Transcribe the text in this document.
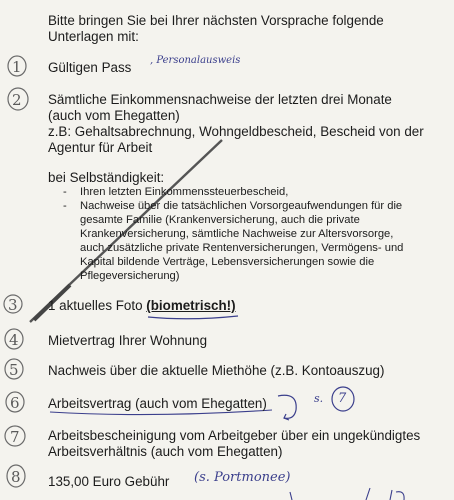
Bitte bringen Sie bei Ihrer nächsten Vorsprache folgende
Unterlagen mit:
1 Gültigen Pass , Personalausweis
2 Sämtliche Einkommensnachweise der letzten drei Monate
(auch vom Ehegatten)
z.B: Gehaltsabrechnung, Wohngeldbescheid, Bescheid von der
Agentur für Arbeit
bei Selbständigkeit:
- Ihren letzten Einkommenssteuerbescheid,
- Nachweise über die tatsächlichen Vorsorgeaufwendungen für die
gesamte Familie (Krankenversicherung, auch die private
Krankenversicherung, sämtliche Nachweise zur Altersvorsorge,
auch zusätzliche private Rentenversicherungen, Vermögens- und
Kapital bildende Verträge, Lebensversicherungen sowie die
Pflegeversicherung)
3 1 aktuelles Foto (biometrisch!)
4 Mietvertrag Ihrer Wohnung
5 Nachweis über die aktuelle Miethöhe (z.B. Kontoauszug)
6 Arbeitsvertrag (auch vom Ehegatten)	s. 7
7 Arbeitsbescheinigung vom Arbeitgeber über ein ungekündigtes
Arbeitsverhältnis (auch vom Ehegatten)
8 135,00 Euro Gebühr (s. Portmonee)
